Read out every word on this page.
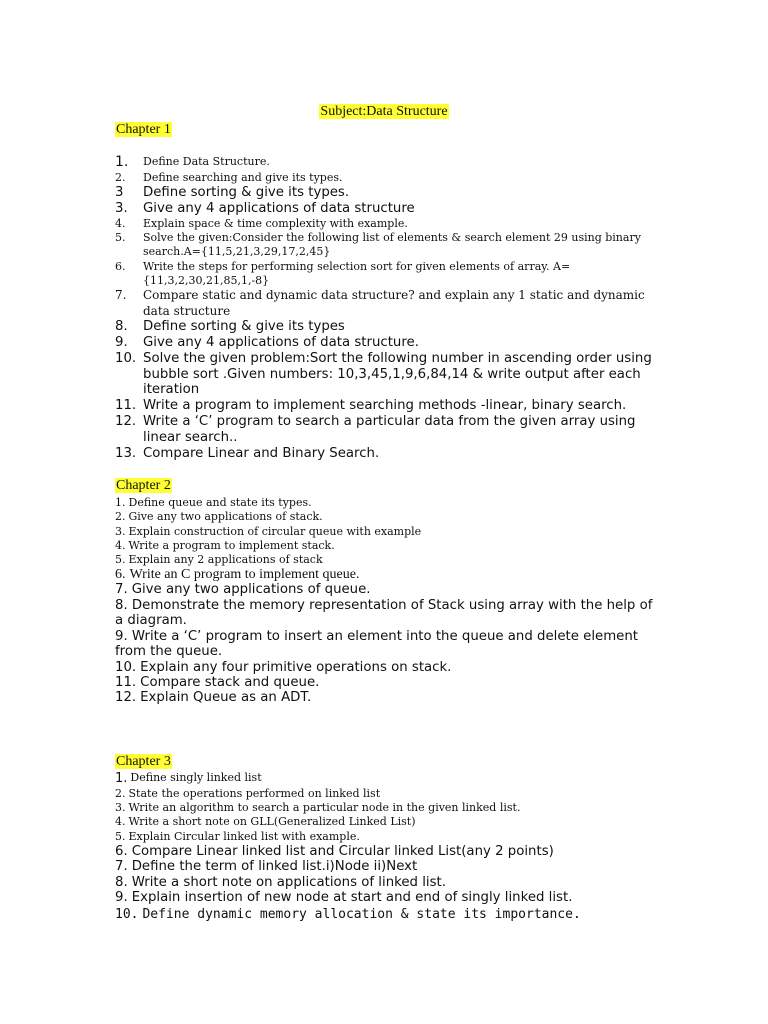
Subject:Data Structure
Chapter 1
1.	Define Data Structure.
2.	Define searching and give its types.
3	Define sorting & give its types.
3.	Give any 4 applications of data structure
4.	Explain space & time complexity with example.
5.	Solve the given:Consider the following list of elements & search element 29 using binary search.A={11,5,21,3,29,17,2,45}
6.	Write the steps for performing selection sort for given elements of array. A={11,3,2,30,21,85,1,-8}
7.	Compare static and dynamic data structure? and explain any 1 static and dynamic data structure
8.	Define sorting & give its types
9.	Give any 4 applications of data structure.
10. Solve the given problem:Sort the following number in ascending order using bubble sort .Given numbers: 10,3,45,1,9,6,84,14 & write output after each iteration
11. Write a program to implement searching methods -linear, binary search.
12. Write a ‘C’ program to search a particular data from the given array using linear search..
13. Compare Linear and Binary Search.
Chapter 2
1. Define queue and state its types.
2. Give any two applications of stack.
3. Explain construction of circular queue with example
4. Write a program to implement stack.
5. Explain any 2 applications of stack
6. Write an C program to implement queue.
7. Give any two applications of queue.
8. Demonstrate the memory representation of Stack using array with the help of a diagram.
9. Write a ‘C’ program to insert an element into the queue and delete element from the queue.
10. Explain any four primitive operations on stack.
11. Compare stack and queue.
12. Explain Queue as an ADT.
Chapter 3
1. Define singly linked list
2. State the operations performed on linked list
3. Write an algorithm to search a particular node in the given linked list.
4. Write a short note on GLL(Generalized Linked List)
5. Explain Circular linked list with example.
6. Compare Linear linked list and Circular linked List(any 2 points)
7. Define the term of linked list.i)Node ii)Next
8. Write a short note on applications of linked list.
9. Explain insertion of new node at start and end of singly linked list.
10. Define dynamic memory allocation & state its importance.
